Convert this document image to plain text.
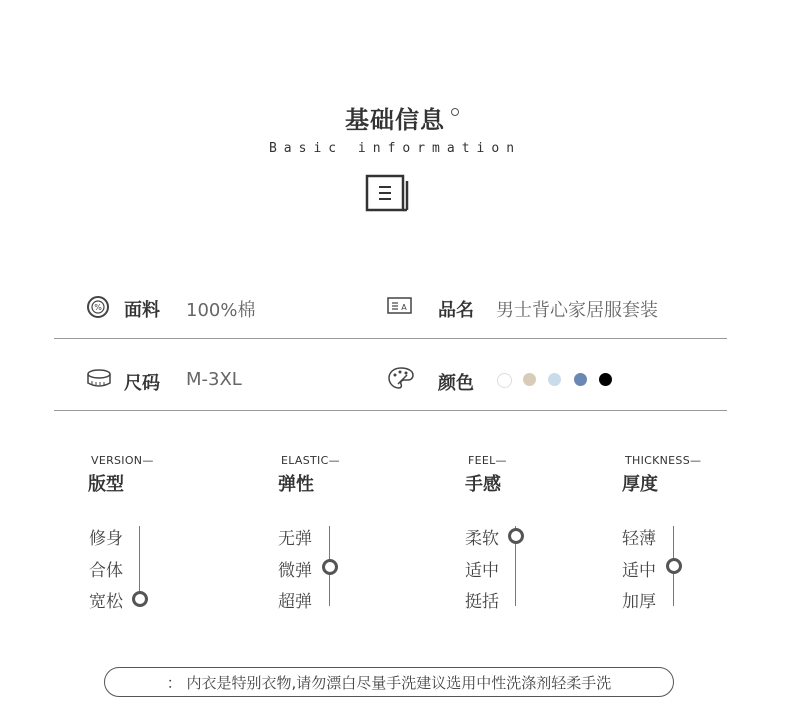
基础信息
Basic information
% 面料 100%棉	A 品名 男士背心家居服套装
尺码 M-3XL	颜色
VERSION—
版型
修身
合体
宽松
ELASTIC—
弹性
无弹
微弹
超弹
FEEL—
手感
柔软
适中
挺括
THICKNESS—
厚度
轻薄
适中
加厚
： 内衣是特别衣物,请勿漂白尽量手洗建议选用中性洗涤剂轻柔手洗
